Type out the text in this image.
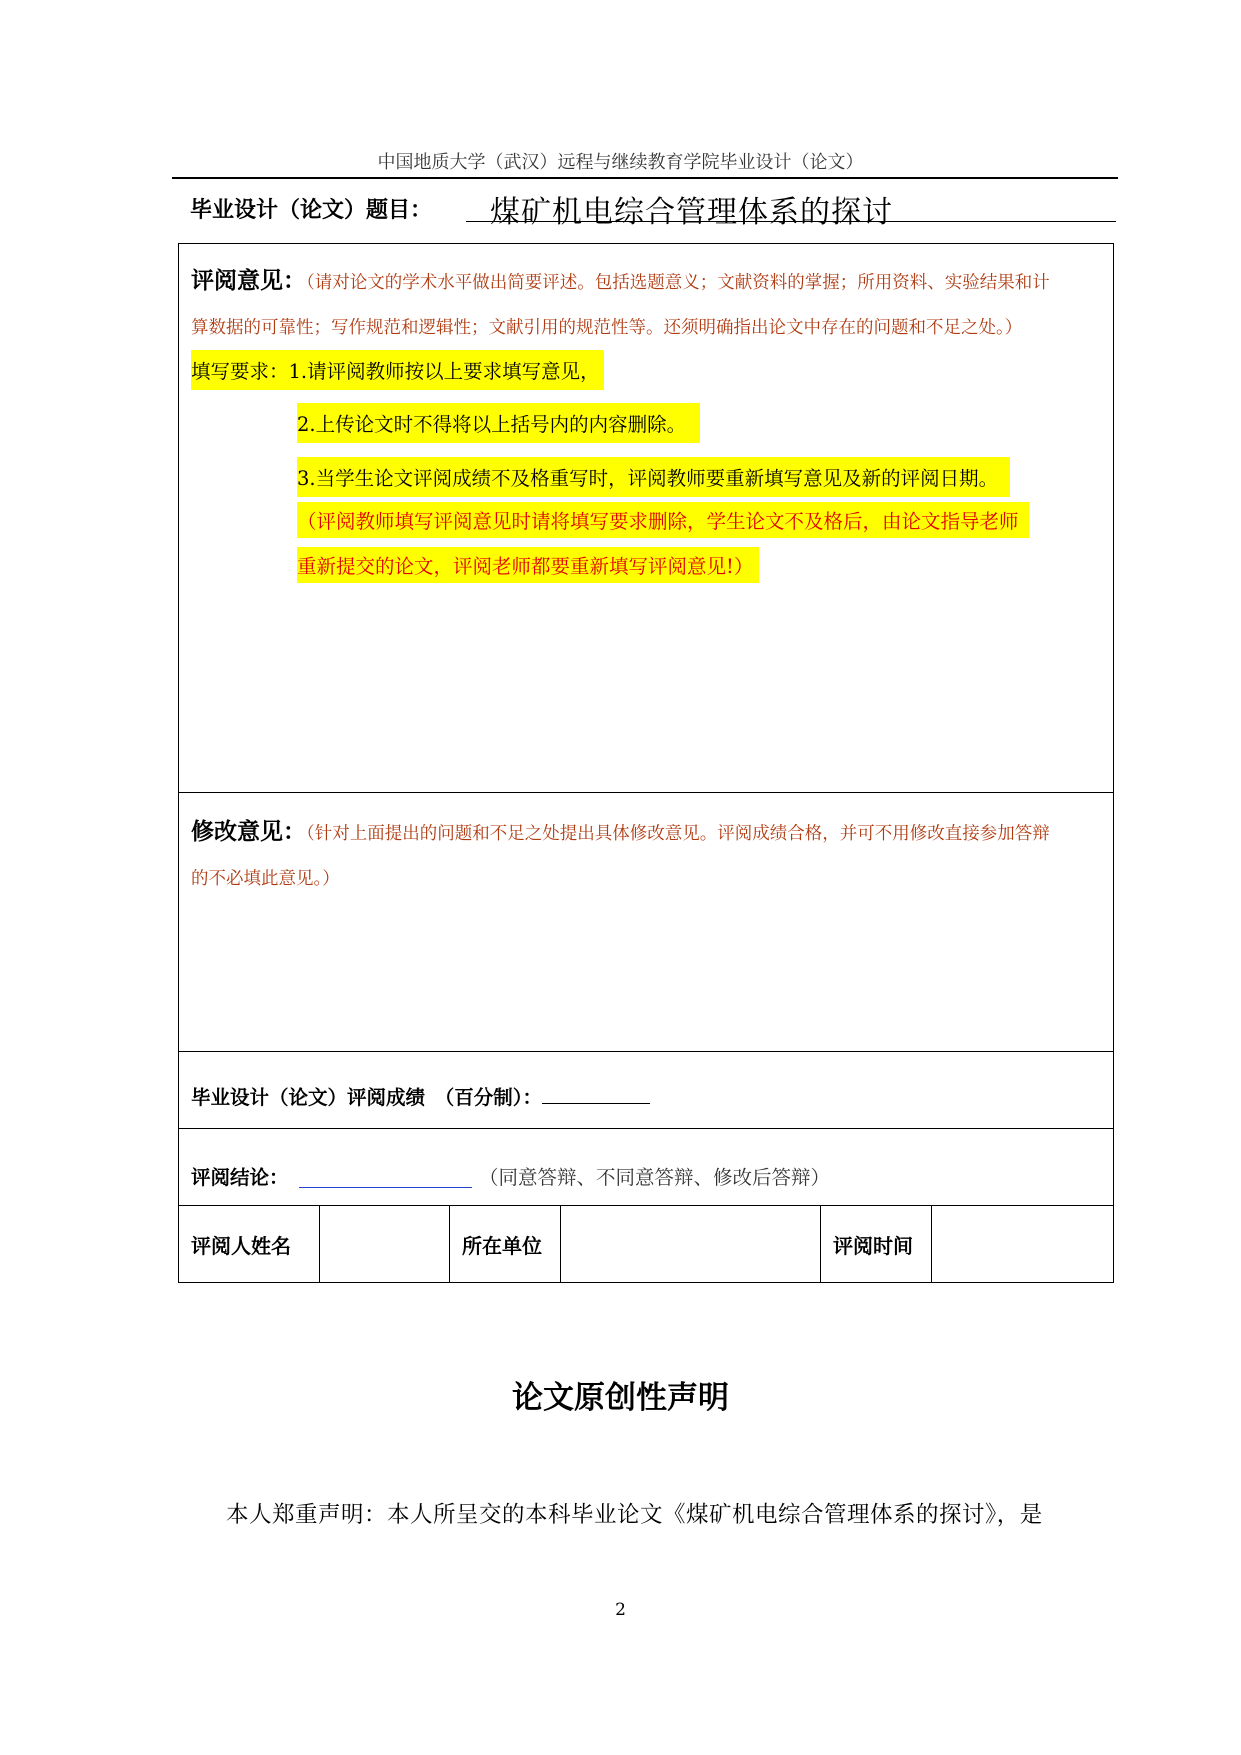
中国地质大学（武汉）远程与继续教育学院毕业设计（论文）
毕业设计（论文）题目：	煤矿机电综合管理体系的探讨
评阅意见：（请对论文的学术水平做出简要评述。包括选题意义；文献资料的掌握；所用资料、实验结果和计
算数据的可靠性；写作规范和逻辑性；文献引用的规范性等。还须明确指出论文中存在的问题和不足之处。）
填写要求：1.请评阅教师按以上要求填写意见，
2.上传论文时不得将以上括号内的内容删除。
3.当学生论文评阅成绩不及格重写时，评阅教师要重新填写意见及新的评阅日期。
（评阅教师填写评阅意见时请将填写要求删除，学生论文不及格后，由论文指导老师
重新提交的论文，评阅老师都要重新填写评阅意见!）

修改意见：（针对上面提出的问题和不足之处提出具体修改意见。评阅成绩合格，并可不用修改直接参加答辩
的不必填此意见。）

毕业设计（论文）评阅成绩　（百分制）：

评阅结论：	（同意答辩、不同意答辩、修改后答辩）

评阅人姓名		所在单位		评阅时间	
论文原创性声明
本人郑重声明：本人所呈交的本科毕业论文《煤矿机电综合管理体系的探讨》，是
2
